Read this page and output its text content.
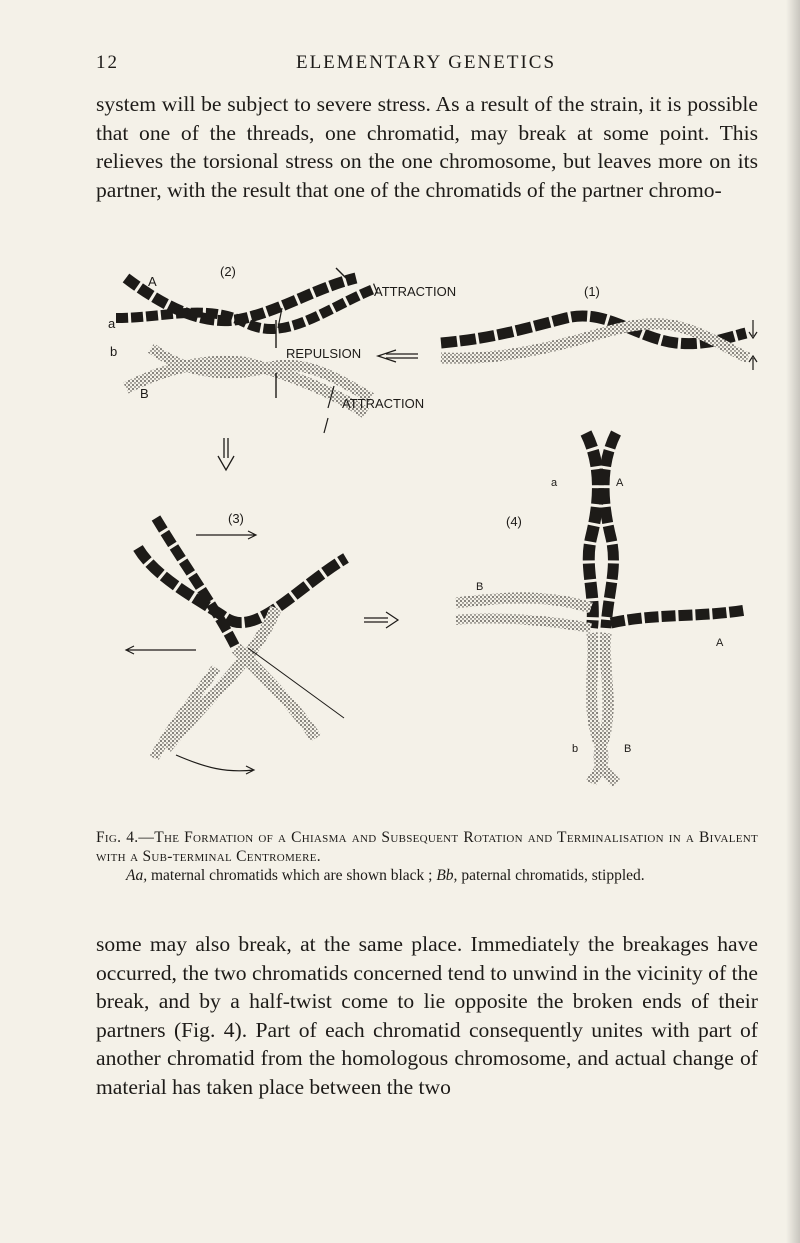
12	ELEMENTARY GENETICS
system will be subject to severe stress. As a result of the strain, it is possible that one of the threads, one chromatid, may break at some point. This relieves the torsional stress on the one chromosome, but leaves more on its partner, with the result that one of the chromatids of the partner chromo-
A
(2)
ATTRACTION
a
REPULSION
b
B
ATTRACTION
(1)
(3)	(4)
a	A
B
A
b	B
Fig. 4.—The Formation of a Chiasma and Subsequent Rotation and Terminalisation in a Bivalent with a Sub-terminal Centromere.
Aa, maternal chromatids which are shown black ; Bb, paternal chromatids, stippled.
some may also break, at the same place. Immediately the breakages have occurred, the two chromatids concerned tend to unwind in the vicinity of the break, and by a half-twist come to lie opposite the broken ends of their partners (Fig. 4). Part of each chromatid consequently unites with part of another chromatid from the homologous chromosome, and actual change of material has taken place between the two
